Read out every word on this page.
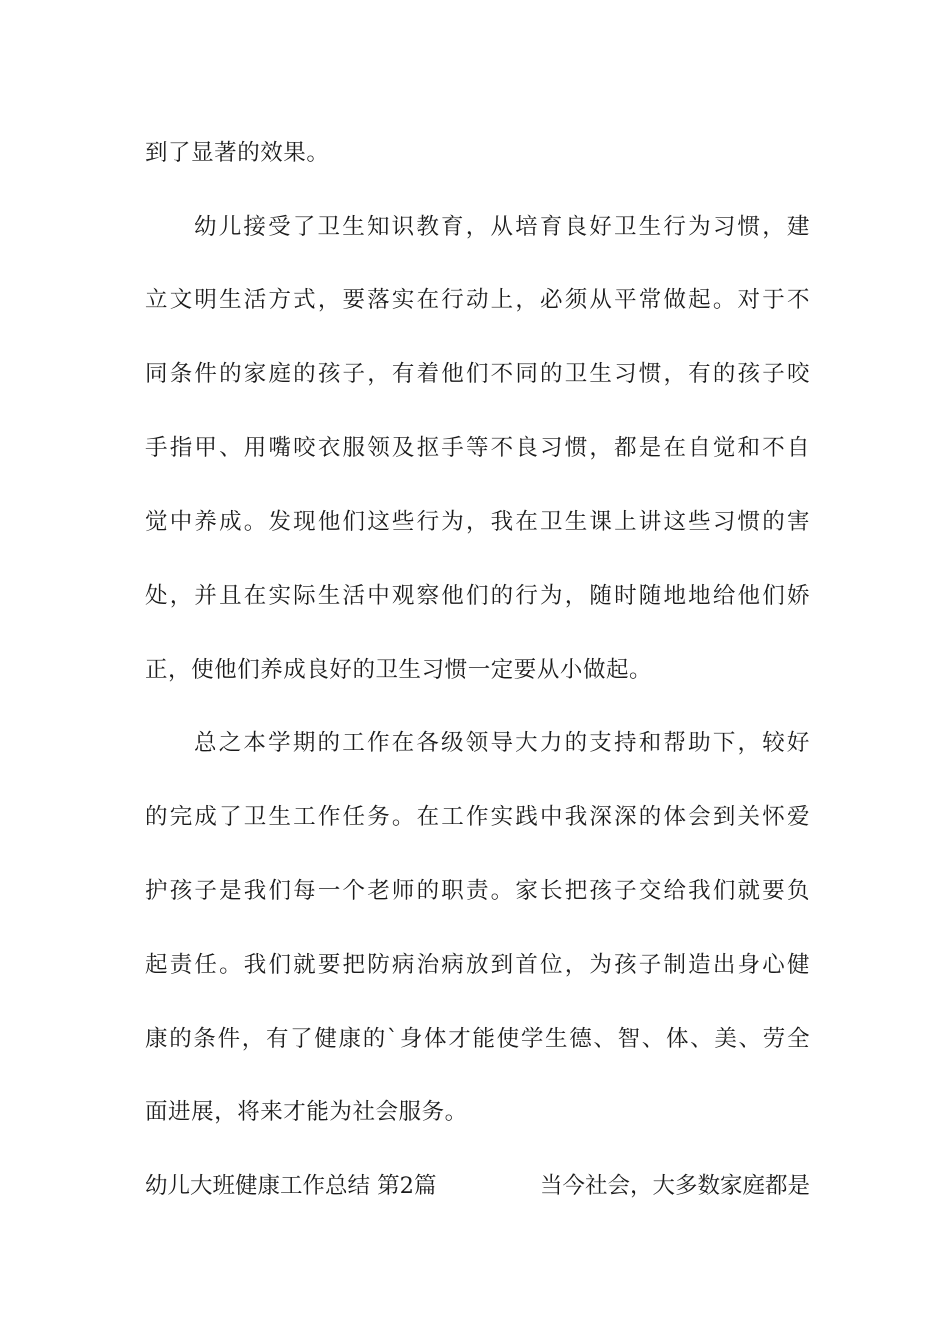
到了显著的效果。
幼儿接受了卫生知识教育，从培育良好卫生行为习惯，建
立文明生活方式，要落实在行动上，必须从平常做起。对于不
同条件的家庭的孩子，有着他们不同的卫生习惯，有的孩子咬
手指甲、用嘴咬衣服领及抠手等不良习惯，都是在自觉和不自
觉中养成。发现他们这些行为，我在卫生课上讲这些习惯的害
处，并且在实际生活中观察他们的行为，随时随地地给他们娇
正，使他们养成良好的卫生习惯一定要从小做起。
总之本学期的工作在各级领导大力的支持和帮助下，较好
的完成了卫生工作任务。在工作实践中我深深的体会到关怀爱
护孩子是我们每一个老师的职责。家长把孩子交给我们就要负
起责任。我们就要把防病治病放到首位，为孩子制造出身心健
康的条件，有了健康的`身体才能使学生德、智、体、美、劳全
面进展，将来才能为社会服务。
幼儿大班健康工作总结 第2篇	当今社会，大多数家庭都是
